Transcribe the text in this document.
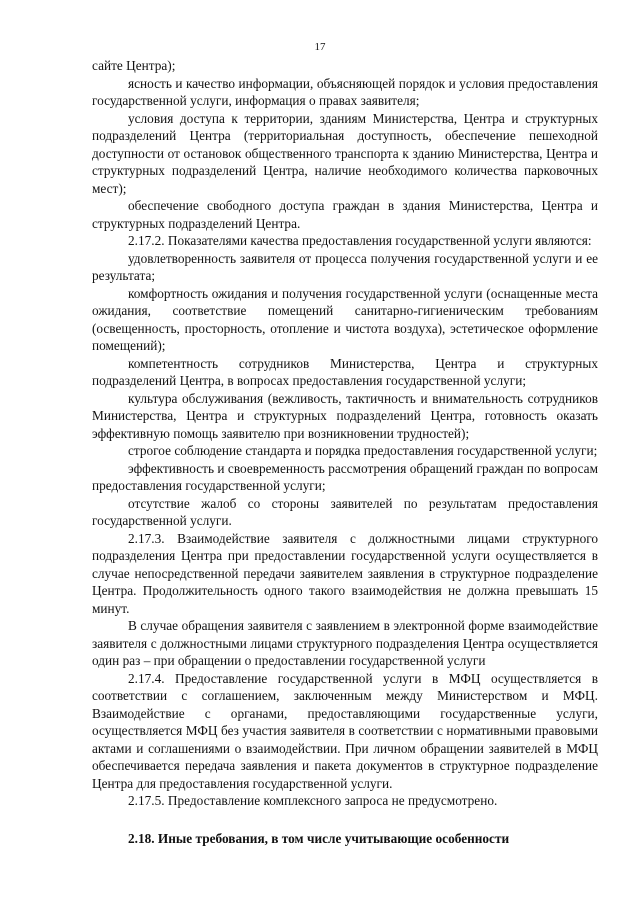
17

сайте Центра);

ясность и качество информации, объясняющей порядок и условия предоставления государственной услуги, информация о правах заявителя;

условия доступа к территории, зданиям Министерства, Центра и структурных подразделений Центра (территориальная доступность, обеспечение пешеходной доступности от остановок общественного транспорта к зданию Министерства, Центра и структурных подразделений Центра, наличие необходимого количества парковочных мест);

обеспечение свободного доступа граждан в здания Министерства, Центра и структурных подразделений Центра.

2.17.2. Показателями качества предоставления государственной услуги являются:

удовлетворенность заявителя от процесса получения государственной услуги и ее результата;

комфортность ожидания и получения государственной услуги (оснащенные места ожидания, соответствие помещений санитарно-гигиеническим требованиям (освещенность, просторность, отопление и чистота воздуха), эстетическое оформление помещений);

компетентность сотрудников Министерства, Центра и структурных подразделений Центра, в вопросах предоставления государственной услуги;

культура обслуживания (вежливость, тактичность и внимательность сотрудников Министерства, Центра и структурных подразделений Центра, готовность оказать эффективную помощь заявителю при возникновении трудностей);

строгое соблюдение стандарта и порядка предоставления государственной услуги;

эффективность и своевременность рассмотрения обращений граждан по вопросам предоставления государственной услуги;

отсутствие жалоб со стороны заявителей по результатам предоставления государственной услуги.

2.17.3. Взаимодействие заявителя с должностными лицами структурного подразделения Центра при предоставлении государственной услуги осуществляется в случае непосредственной передачи заявителем заявления в структурное подразделение Центра. Продолжительность одного такого взаимодействия не должна превышать 15 минут.

В случае обращения заявителя с заявлением в электронной форме взаимодействие заявителя с должностными лицами структурного подразделения Центра осуществляется один раз – при обращении о предоставлении государственной услуги

2.17.4. Предоставление государственной услуги в МФЦ осуществляется в соответствии с соглашением, заключенным между Министерством и МФЦ. Взаимодействие с органами, предоставляющими государственные услуги, осуществляется МФЦ без участия заявителя в соответствии с нормативными правовыми актами и соглашениями о взаимодействии. При личном обращении заявителей в МФЦ обеспечивается передача заявления и пакета документов в структурное подразделение Центра для предоставления государственной услуги.

2.17.5. Предоставление комплексного запроса не предусмотрено.

2.18. Иные требования, в том числе учитывающие особенности
